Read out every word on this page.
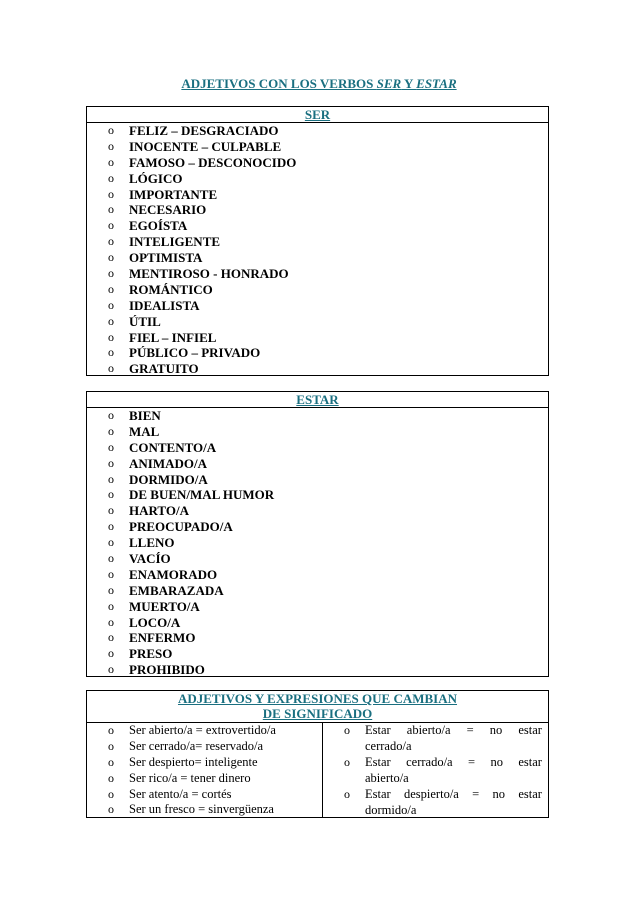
ADJETIVOS CON LOS VERBOS SER Y ESTAR
SER
o FELIZ – DESGRACIADO
o INOCENTE – CULPABLE
o FAMOSO – DESCONOCIDO
o LÓGICO
o IMPORTANTE
o NECESARIO
o EGOÍSTA
o INTELIGENTE
o OPTIMISTA
o MENTIROSO - HONRADO
o ROMÁNTICO
o IDEALISTA
o ÚTIL
o FIEL – INFIEL
o PÚBLICO – PRIVADO
o GRATUITO
ESTAR
o BIEN
o MAL
o CONTENTO/A
o ANIMADO/A
o DORMIDO/A
o DE BUEN/MAL HUMOR
o HARTO/A
o PREOCUPADO/A
o LLENO
o VACÍO
o ENAMORADO
o EMBARAZADA
o MUERTO/A
o LOCO/A
o ENFERMO
o PRESO
o PROHIBIDO
ADJETIVOS Y EXPRESIONES QUE CAMBIAN
DE SIGNIFICADO
o Ser abierto/a = extrovertido/a
o Ser cerrado/a= reservado/a
o Ser despierto= inteligente
o Ser rico/a = tener dinero
o Ser atento/a = cortés
o Ser un fresco = sinvergüenza
o Estar abierto/a = no estar
cerrado/a
o Estar cerrado/a = no estar
abierto/a
o Estar despierto/a = no estar
dormido/a
